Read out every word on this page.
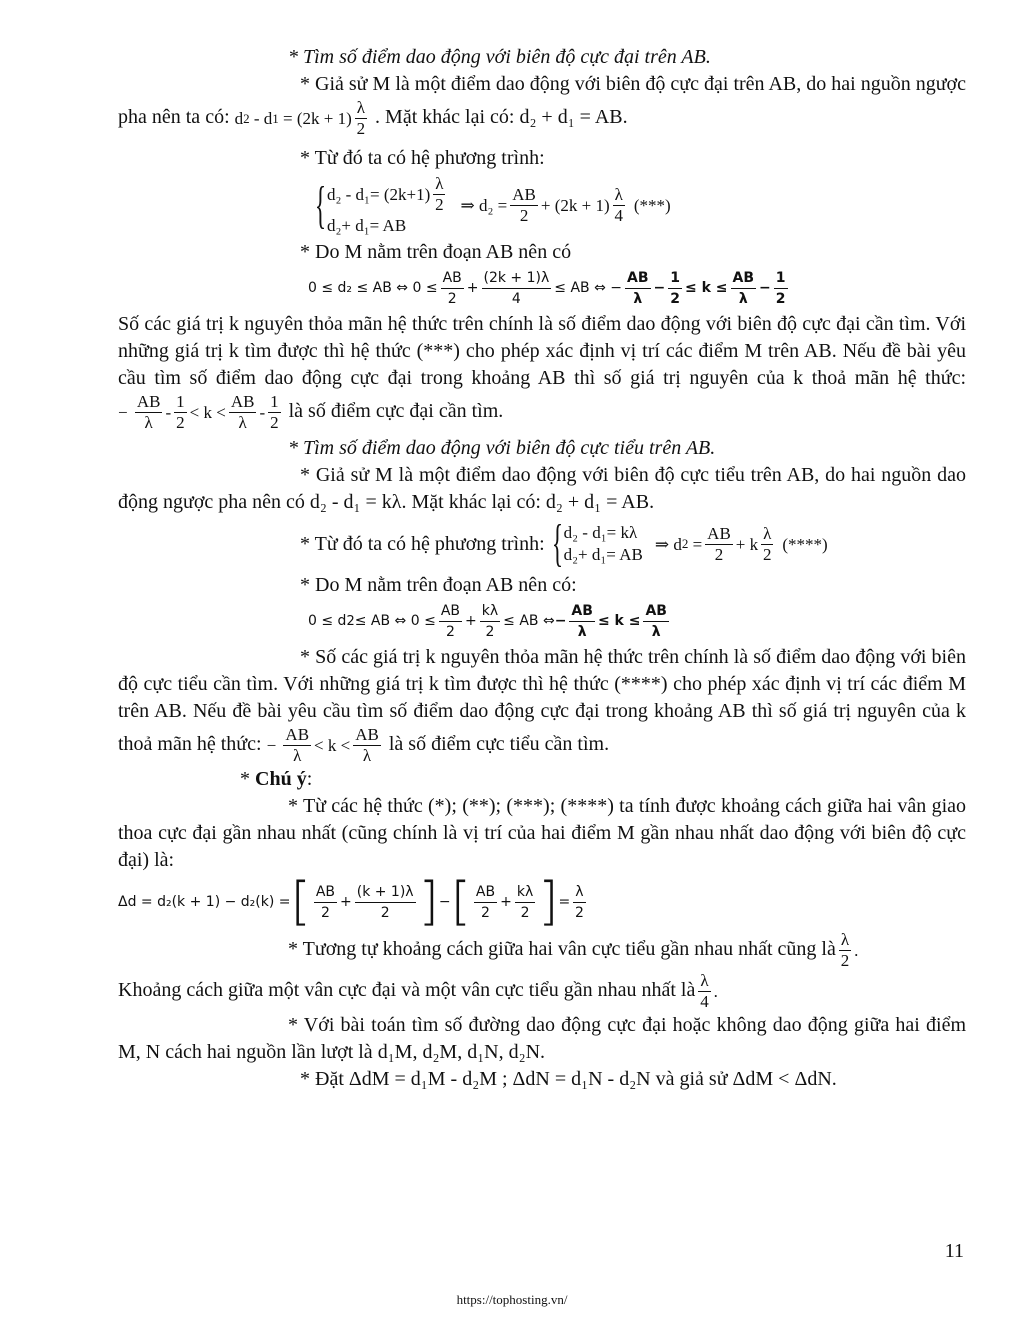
* Tìm số điểm dao động với biên độ cực đại trên AB.

* Giả sử M là một điểm dao động với biên độ cực đại trên AB, do hai nguồn ngược pha nên ta có: d 2 - d 1 = (2k + 1)
λ
2
. Mặt khác lại có: d₂ + d₁ = AB.

* Từ đó ta có hệ phương trình:

{ d₂ - d₁= (2k+1)
λ
2
d₂+ d₁= AB
⇒ $d_2 = \frac{AB}{2} + (2k + 1)$
λ
4
(***)

* Do M nằm trên đoạn AB nên có

0 ≤ d₂ ≤ AB ⇔ $0 \le \frac{AB}{2} + \frac{(2k + 1)\lambda}{4}$ ≤ AB ⇔ − $\frac{AB}{\lambda} - \frac{1}{2} \le k \le \frac{AB}{\lambda} - \frac{1}{2}$

Số các giá trị k nguyên thỏa mãn hệ thức trên chính là số điểm dao động với biên độ cực đại cần tìm. Với những giá trị k tìm được thì hệ thức (***) cho phép xác định vị trí các điểm M trên AB. Nếu đề bài yêu cầu tìm số điểm dao động cực đại trong khoảng AB thì số giá trị nguyên của k thoả mãn hệ thức: −
AB
λ
-
1
2
< k <
AB
λ
-
1
2
là số điểm cực đại cần tìm.

* Tìm số điểm dao động với biên độ cực tiểu trên AB.

* Giả sử M là một điểm dao động với biên độ cực tiểu trên AB, do hai nguồn dao động ngược pha nên có d₂ - d₁ = kλ. Mặt khác lại có: d₂ + d₁ = AB.

* Từ đó ta có hệ phương trình: { d₂ - d₁= kλ
d₂+ d₁= AB
⇒ d 2 =
AB
2
+ k
λ
2
(****)

* Do M nằm trên đoạn AB nên có:

0 ≤ d 2 ≤ AB ⇔ 0 ≤
AB
2
+
kλ
2
≤ AB ⇔ − $\frac{AB}{\lambda} \le k \le \frac{AB}{\lambda}$

* Số các giá trị k nguyên thỏa mãn hệ thức trên chính là số điểm dao động với biên độ cực tiểu cần tìm. Với những giá trị k tìm được thì hệ thức (****) cho phép xác định vị trí các điểm M trên AB. Nếu đề bài yêu cầu tìm số điểm dao động cực đại trong khoảng AB thì số giá trị nguyên của k thoả mãn hệ thức: −
AB
λ
< k <
AB
λ
là số điểm cực tiểu cần tìm.

* Chú ý:

* Từ các hệ thức (*); (**); (***); (****) ta tính được khoảng cách giữa hai vân giao thoa cực đại gần nhau nhất (cũng chính là vị trí của hai điểm M gần nhau nhất dao động với biên độ cực đại) là:

Δd = d₂(k + 1) − d₂(k) = [ AB
2
+
(k + 1)λ
2 ] − [ AB
2
+
kλ
2 ] =
λ
2

* Tương tự khoảng cách giữa hai vân cực tiểu gần nhau nhất cũng là λ
2
.

Khoảng cách giữa một vân cực đại và một vân cực tiểu gần nhau nhất là λ
4
.

* Với bài toán tìm số đường dao động cực đại hoặc không dao động giữa hai điểm M, N cách hai nguồn lần lượt là d₁M, d₂M, d₁N, d₂N.

* Đặt ΔdM = d₁M - d₂M ; ΔdN = d₁N - d₂N và giả sử ΔdM < ΔdN.

11
https://tophosting.vn/
